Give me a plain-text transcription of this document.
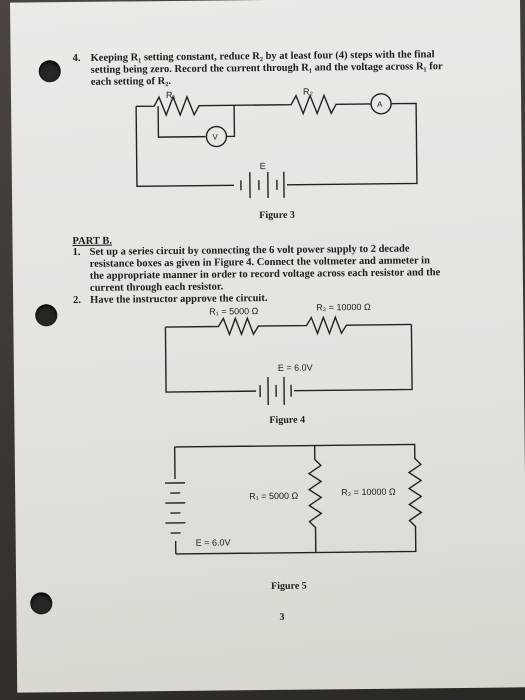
4. Keeping R₁ setting constant, reduce R₂ by at least four (4) steps with the final
setting being zero. Record the current through R₁ and the voltage across R₁ for
each setting of R₂.
R₁	R₂
A
V
E
Figure 3
PART B.
1. Set up a series circuit by connecting the 6 volt power supply to 2 decade
resistance boxes as given in Figure 4. Connect the voltmeter and ammeter in
the appropriate manner in order to record voltage across each resistor and the
current through each resistor.
2. Have the instructor approve the circuit.
R₁ = 5000 Ω	R₂ = 10000 Ω
E = 6.0V
Figure 4
R₁ = 5000 Ω	R₂ = 10000 Ω
E = 6.0V
Figure 5
3
